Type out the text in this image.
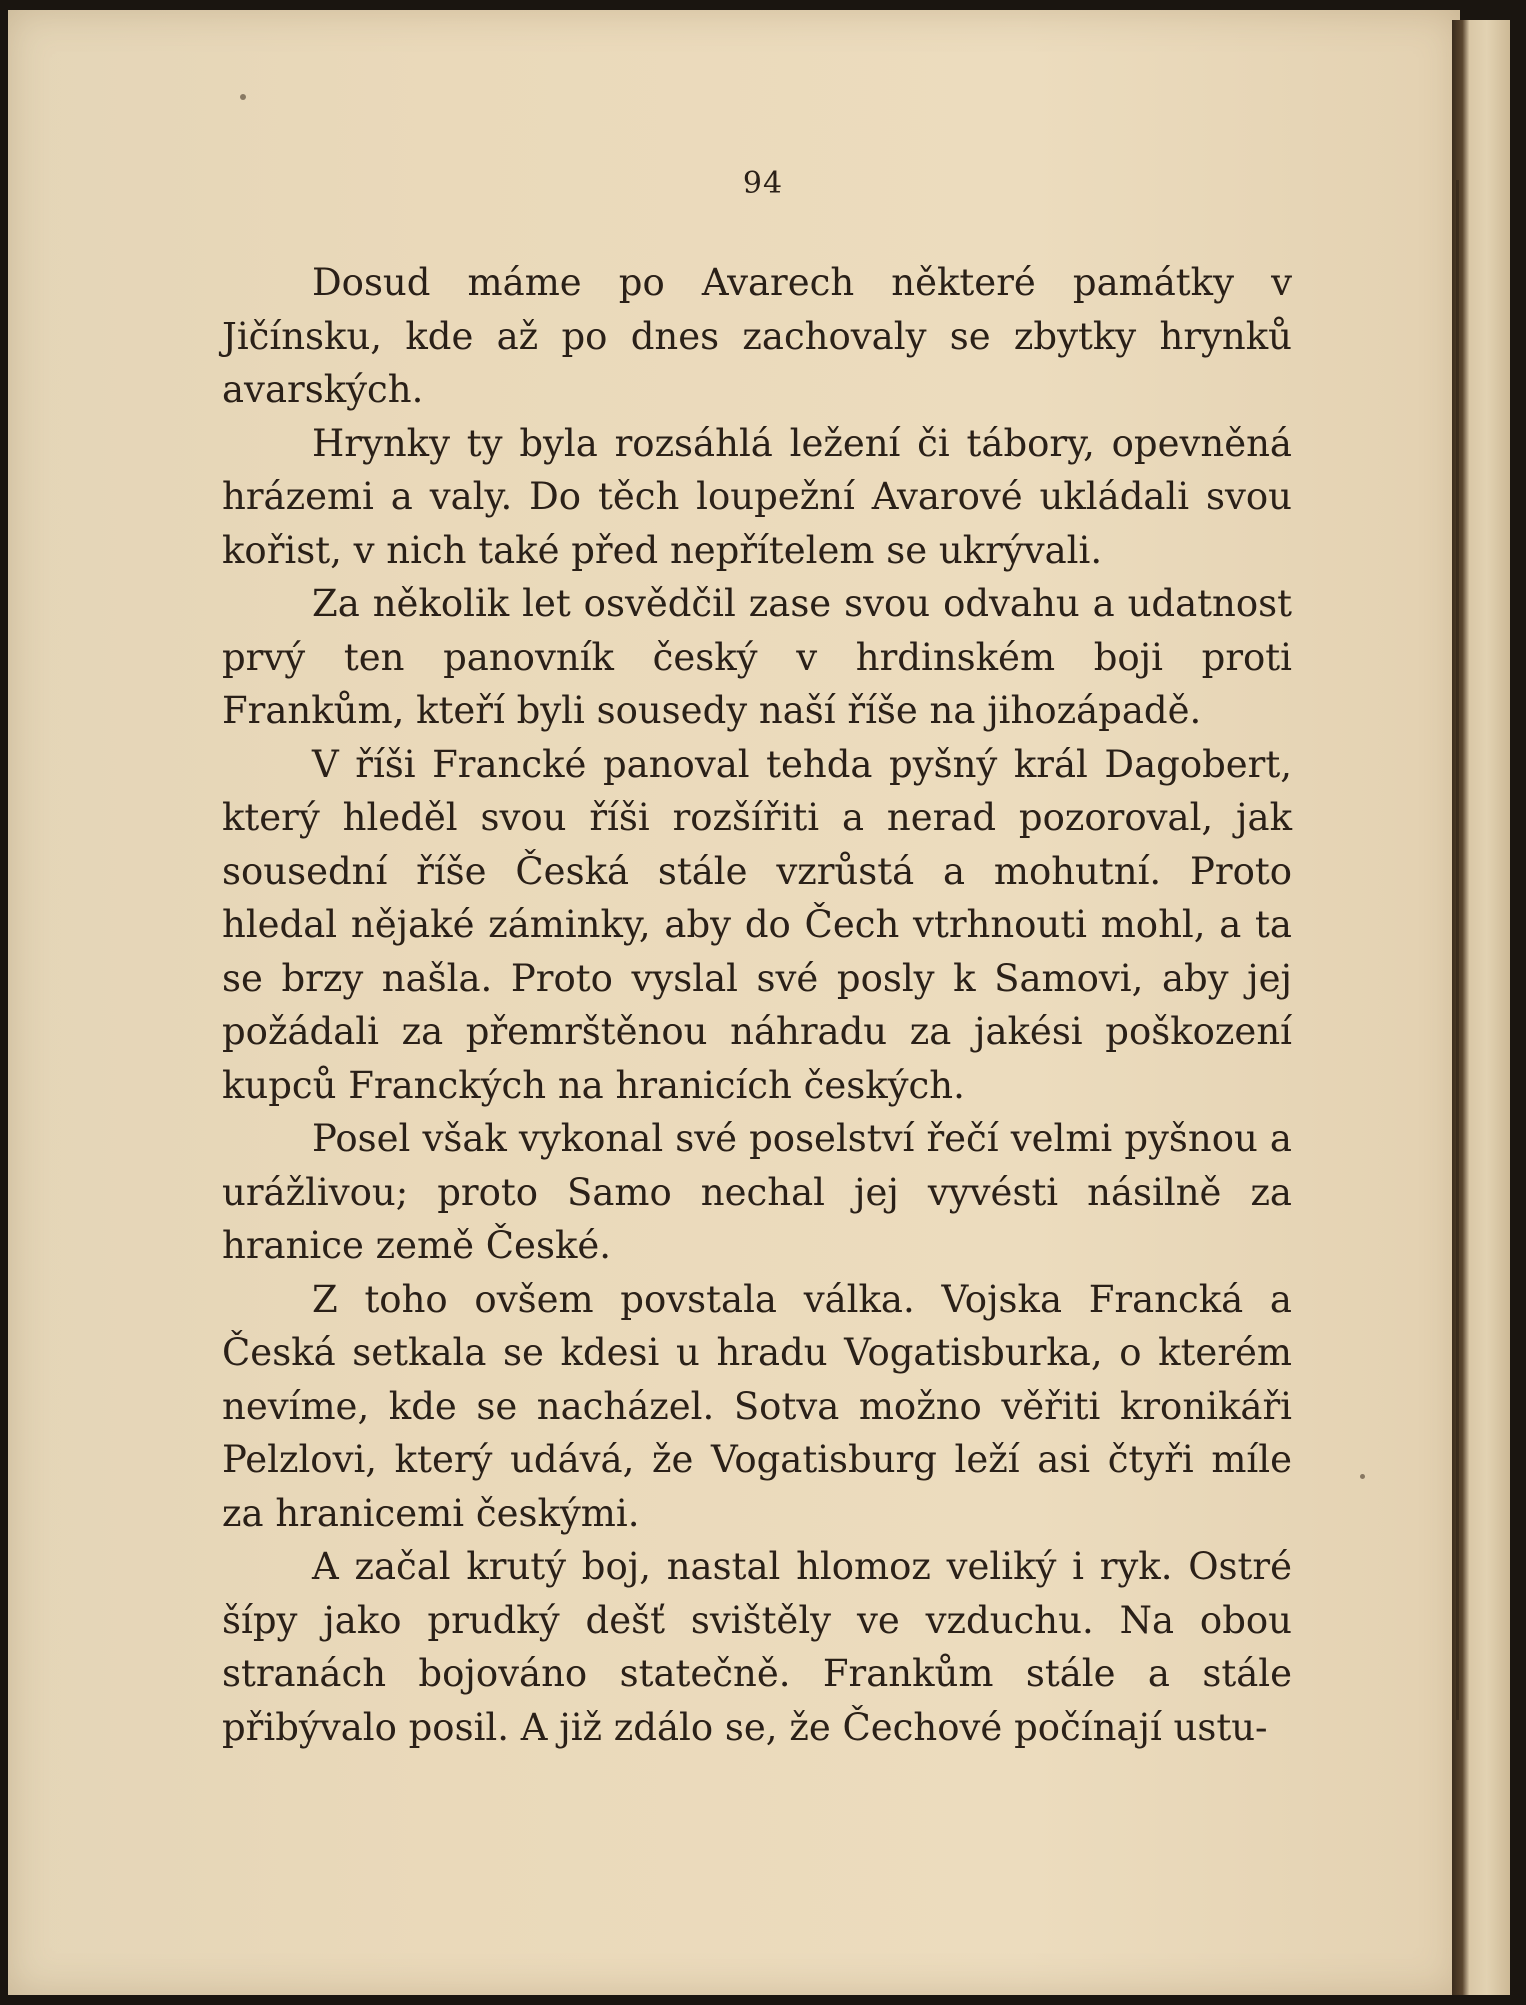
94

Dosud máme po Avarech některé památky v Jičínsku, kde až po dnes zachovaly se zbytky hrynků avarských.

Hrynky ty byla rozsáhlá ležení či tábory, opevněná hrázemi a valy. Do těch loupežní Avarové ukládali svou kořist, v nich také před nepřítelem se ukrývali.

Za několik let osvědčil zase svou odvahu a udatnost prvý ten panovník český v hrdinském boji proti Frankům, kteří byli sousedy naší říše na jihozápadě.

V říši Francké panoval tehda pyšný král Dagobert, který hleděl svou říši rozšířiti a nerad pozoroval, jak sousední říše Česká stále vzrůstá a mohutní. Proto hledal nějaké záminky, aby do Čech vtrhnouti mohl, a ta se brzy našla. Proto vyslal své posly k Samovi, aby jej požádali za přemrštěnou náhradu za jakési poškození kupců Franckých na hranicích českých.

Posel však vykonal své poselství řečí velmi pyšnou a urážlivou; proto Samo nechal jej vyvésti násilně za hranice země České.

Z toho ovšem povstala válka. Vojska Francká a Česká setkala se kdesi u hradu Vogatisburka, o kterém nevíme, kde se nacházel. Sotva možno věřiti kronikáři Pelzlovi, který udává, že Vogatisburg leží asi čtyři míle za hranicemi českými.

A začal krutý boj, nastal hlomoz veliký i ryk. Ostré šípy jako prudký dešť svištěly ve vzduchu. Na obou stranách bojováno statečně. Frankům stále a stále přibývalo posil. A již zdálo se, že Čechové počínají ustu-
